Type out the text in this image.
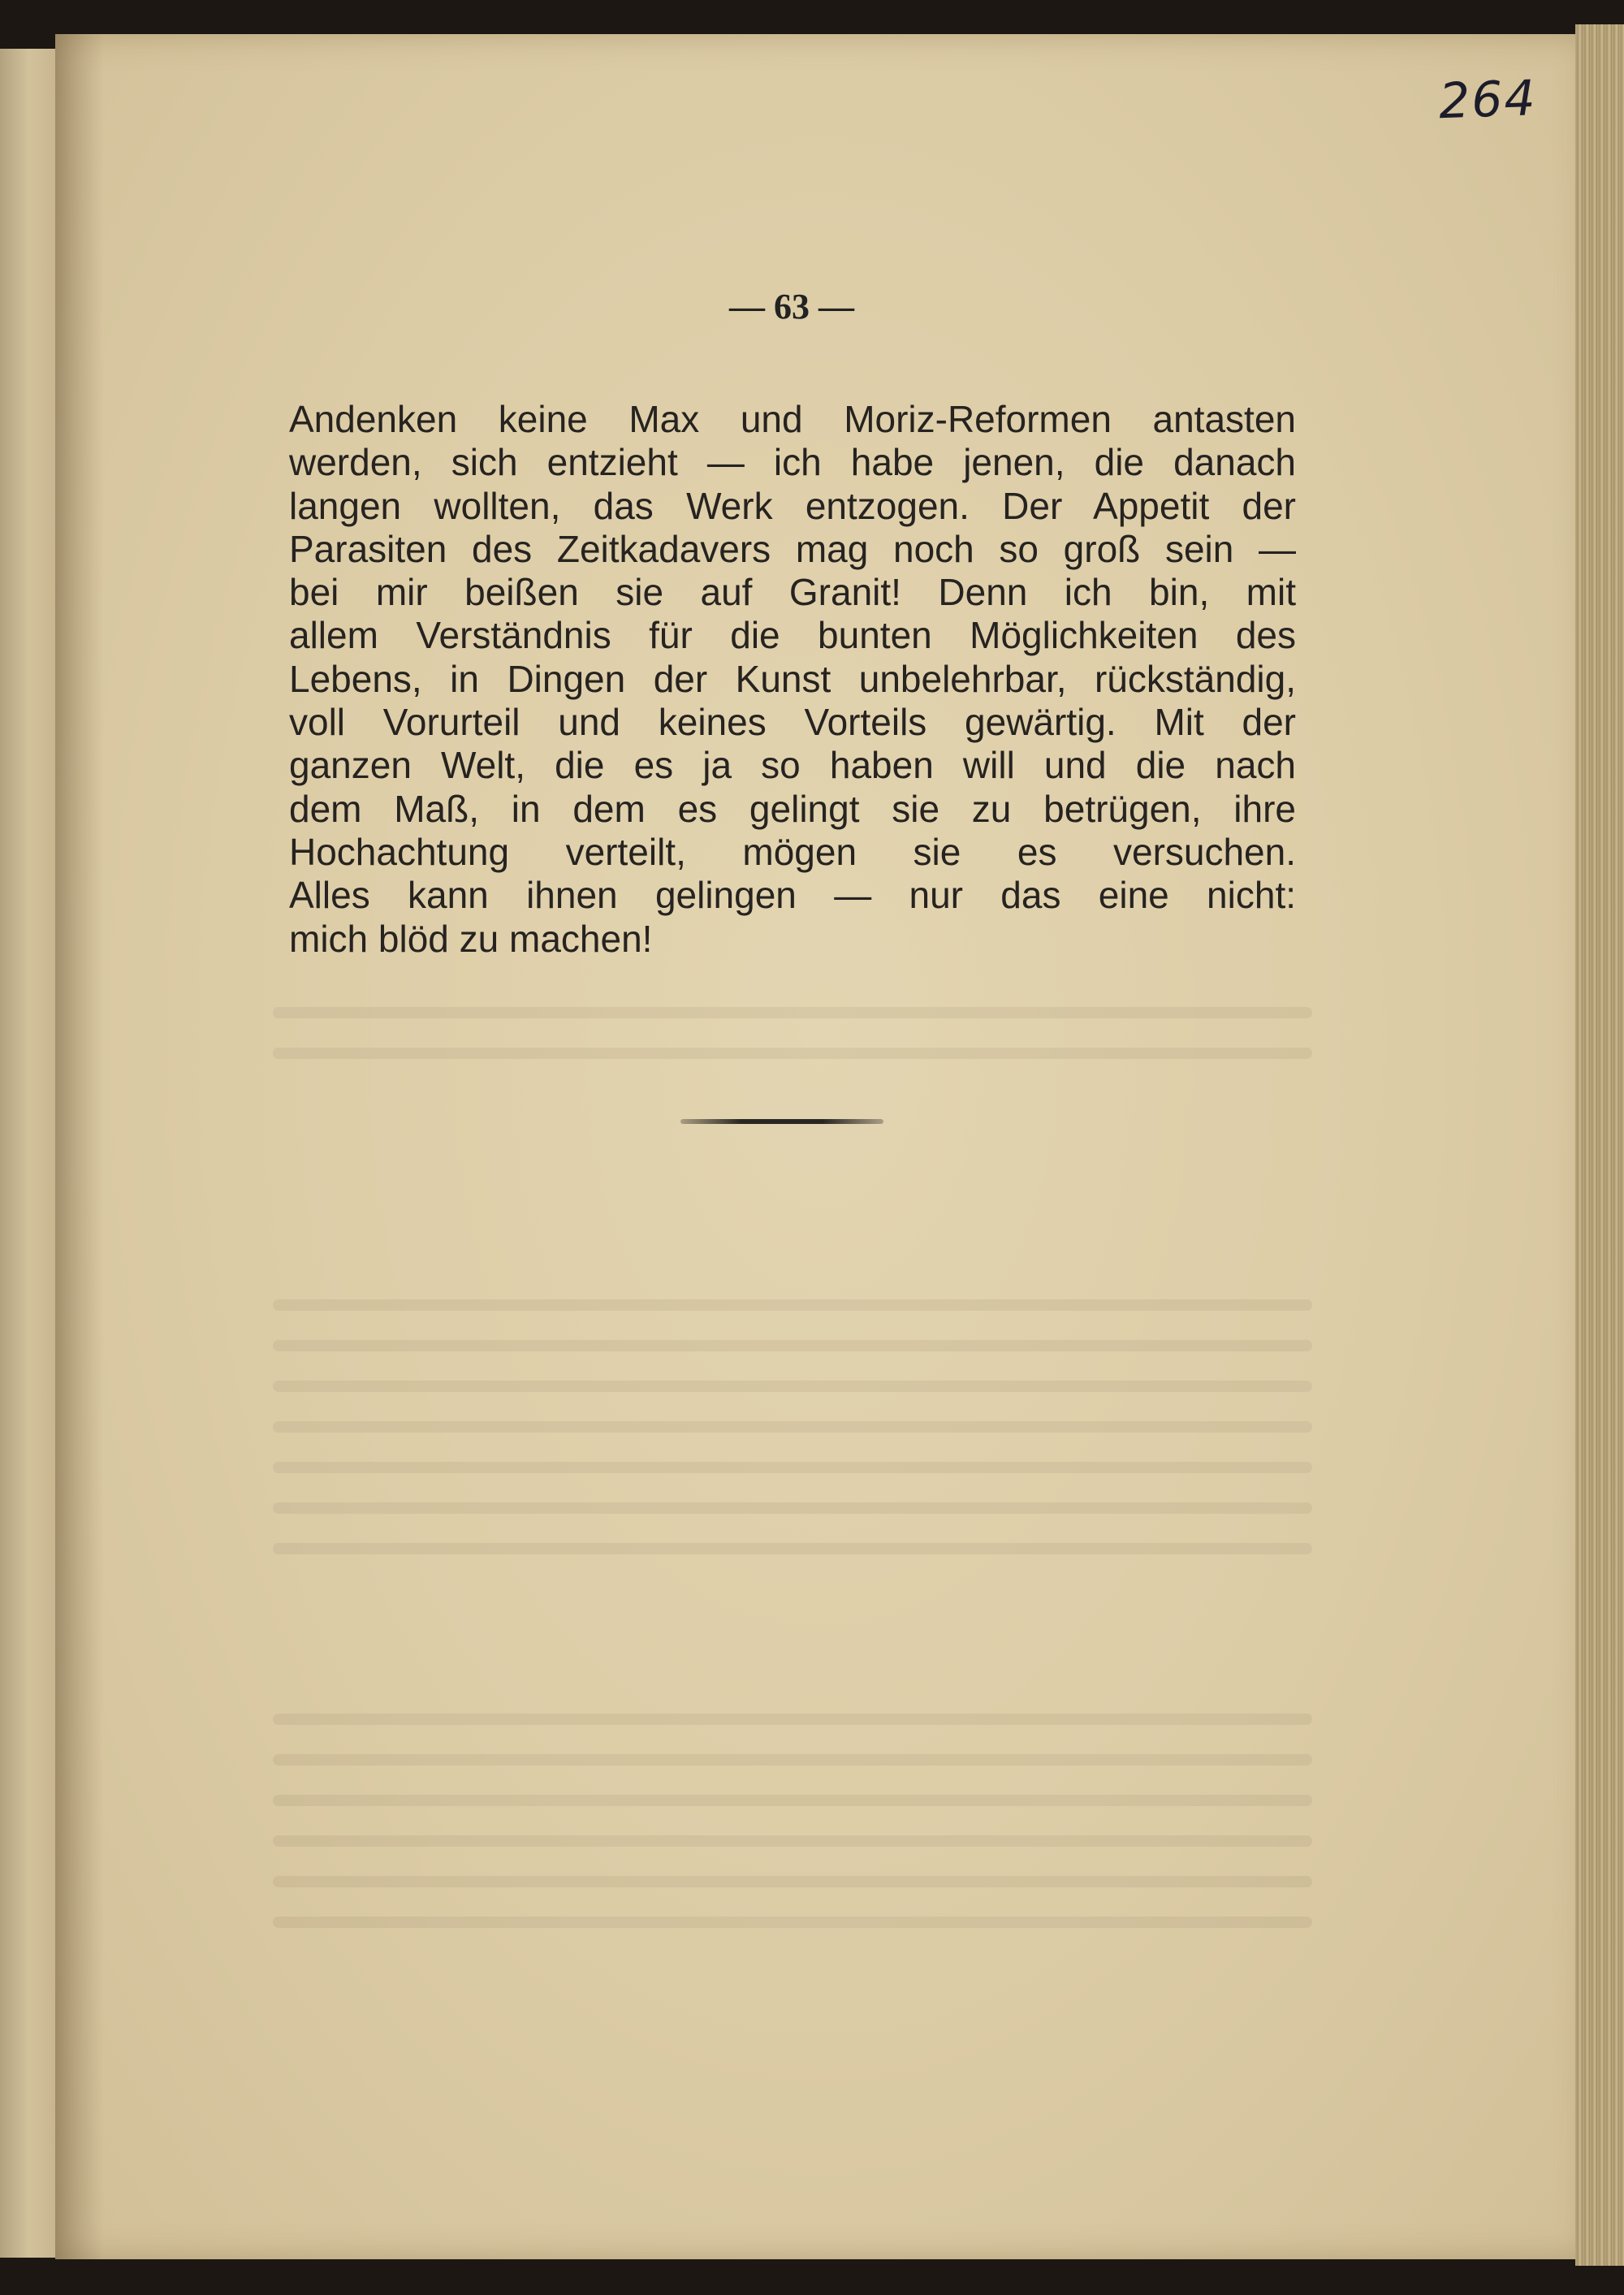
264
— 63 —
Andenken keine Max und Moriz-Reformen antasten
werden, sich entzieht — ich habe jenen, die danach
langen wollten, das Werk entzogen. Der Appetit der
Parasiten des Zeitkadavers mag noch so groß sein —
bei mir beißen sie auf Granit! Denn ich bin, mit
allem Verständnis für die bunten Möglichkeiten des
Lebens, in Dingen der Kunst unbelehrbar, rückständig,
voll Vorurteil und keines Vorteils gewärtig. Mit der
ganzen Welt, die es ja so haben will und die nach
dem Maß, in dem es gelingt sie zu betrügen, ihre
Hochachtung verteilt, mögen sie es versuchen.
Alles kann ihnen gelingen — nur das eine nicht:
mich blöd zu machen!
